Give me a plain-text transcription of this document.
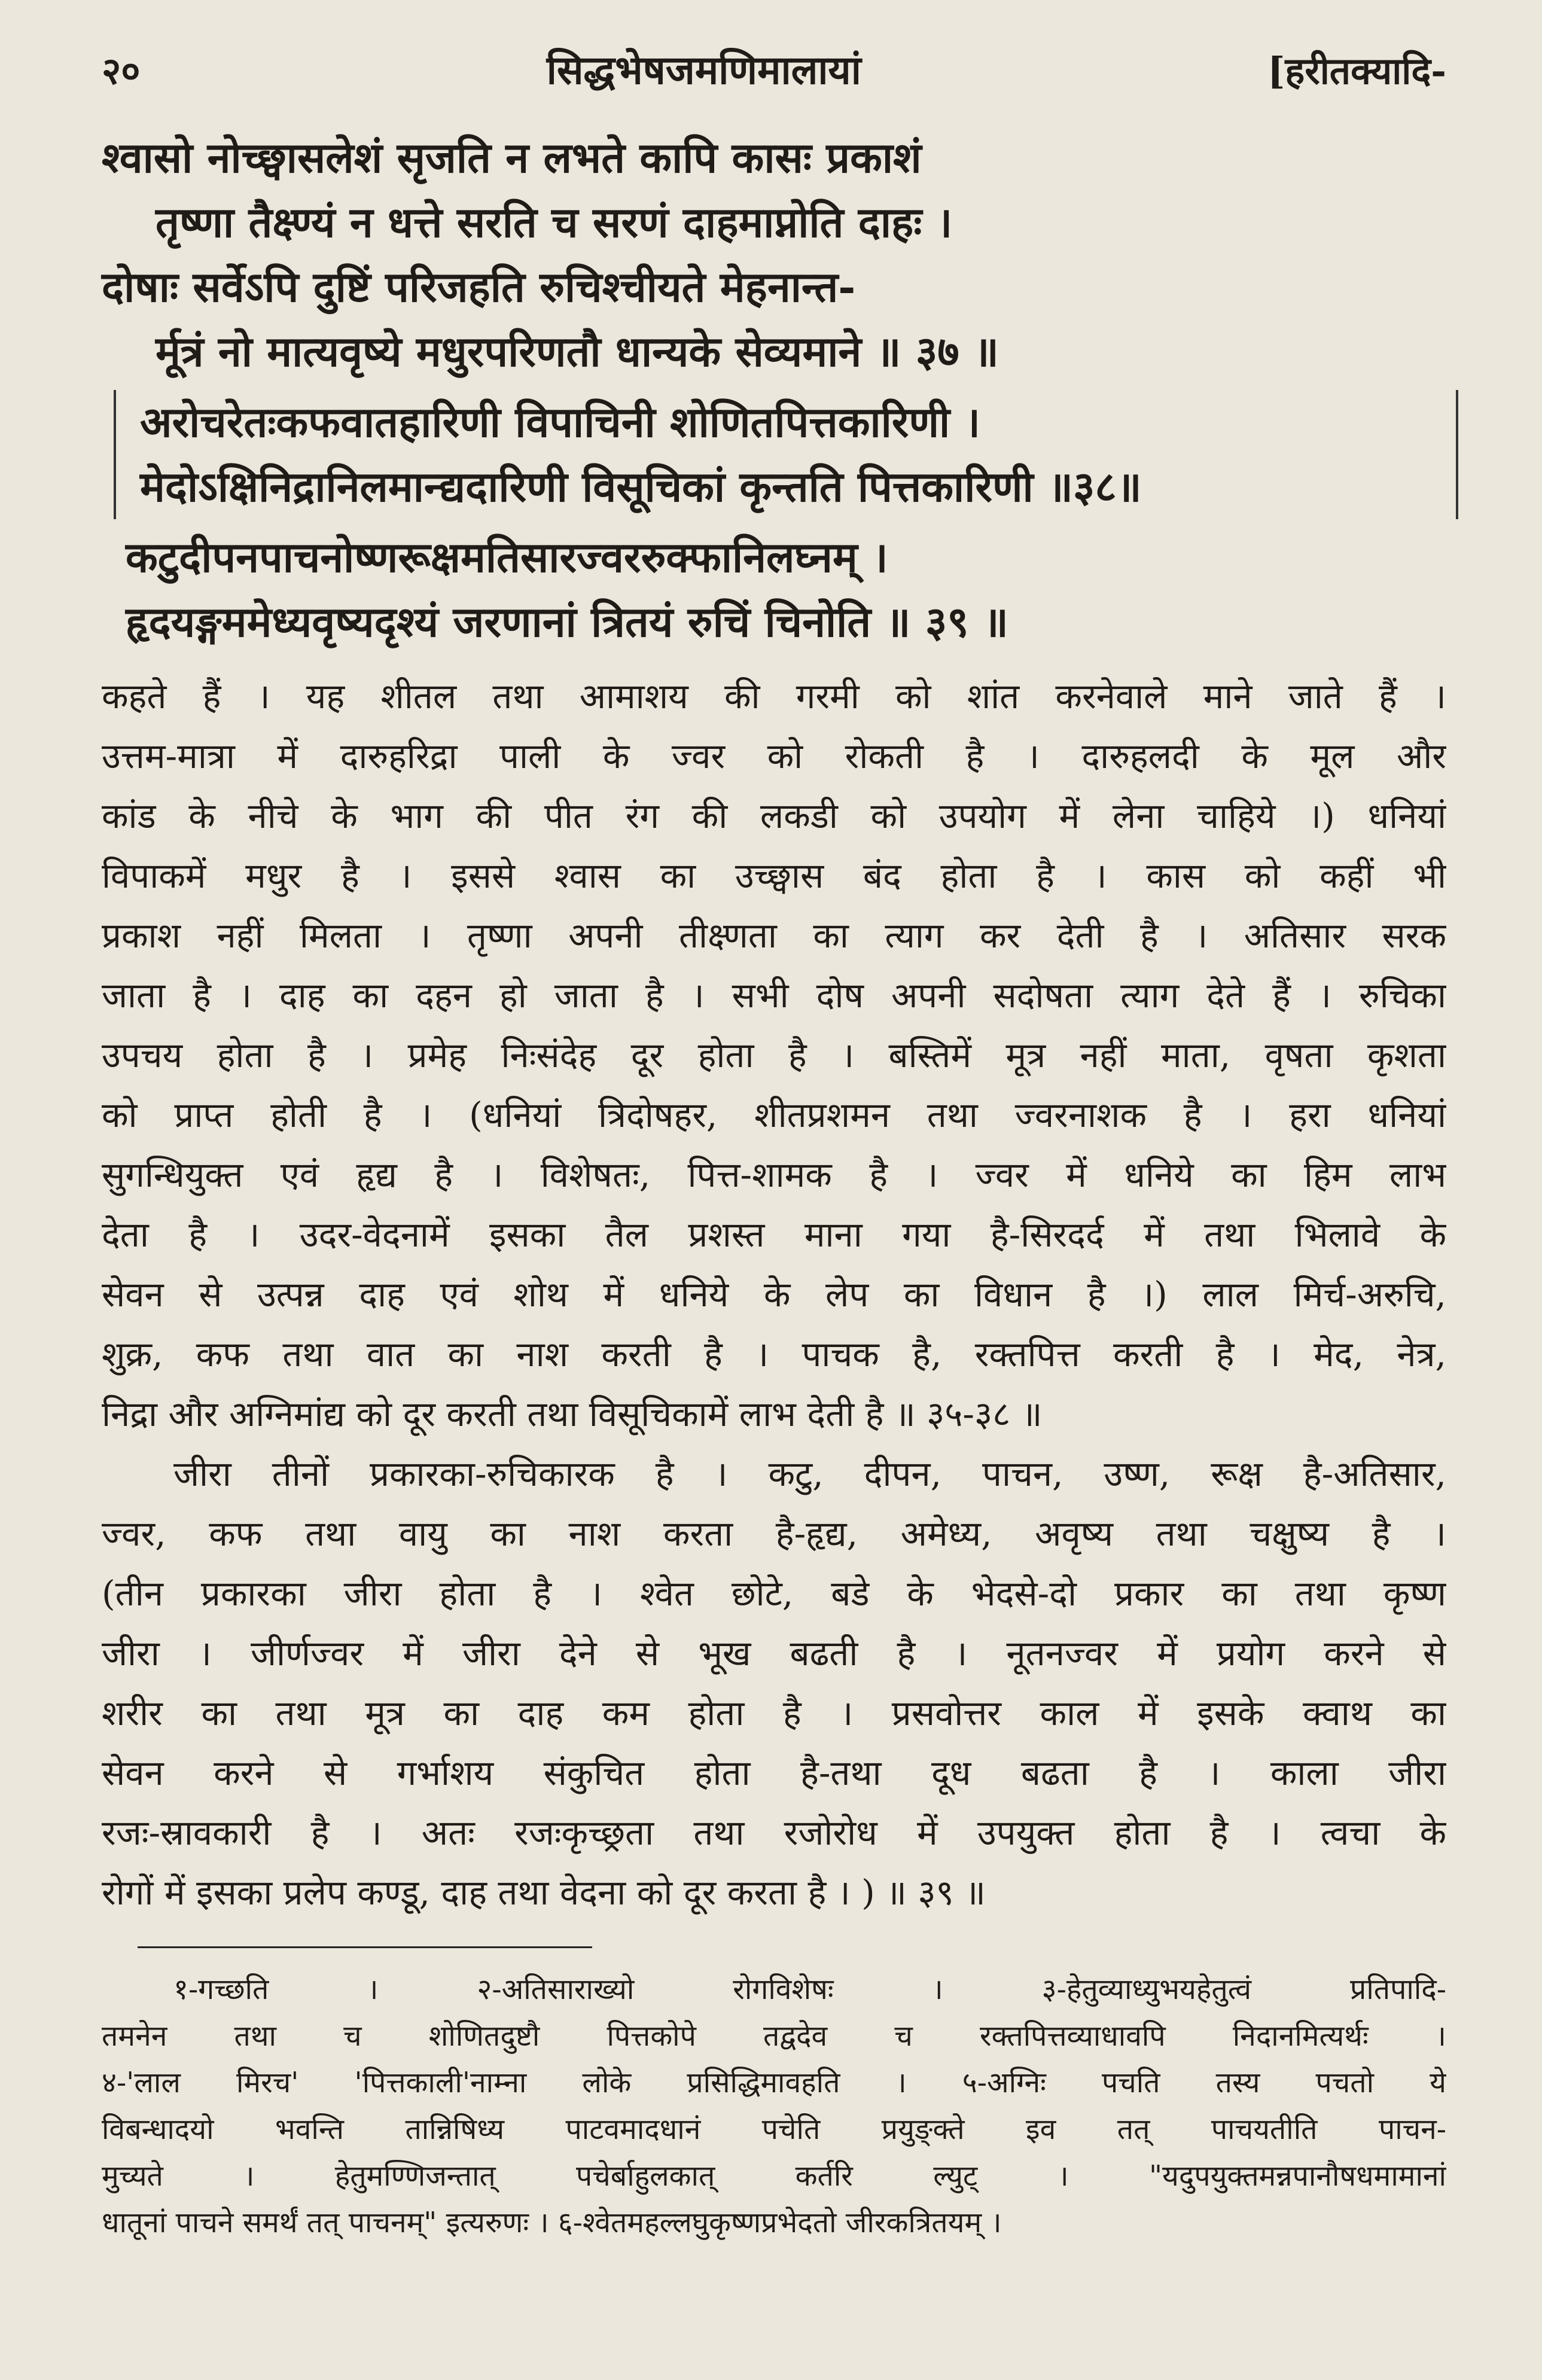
२०	सिद्धभेषजमणिमालायां	[हरीतक्यादि-
श्वासो नोच्छ्वासलेशं सृजति न लभते कापि कासः प्रकाशं
तृष्णा तैक्ष्ण्यं न धत्ते सरति च सरणं दाहमाप्नोति दाहः ।
दोषाः सर्वेऽपि दुष्टिं परिजहति रुचिश्चीयते मेहनान्त-
र्मूत्रं नो मात्यवृष्ये मधुरपरिणतौ धान्यके सेव्यमाने ॥ ३७ ॥
अरोचरेतःकफवातहारिणी विपाचिनी शोणितपित्तकारिणी ।
मेदोऽक्षिनिद्रानिलमान्द्यदारिणी विसूचिकां कृन्तति पित्तकारिणी ॥३८॥
कटुदीपनपाचनोष्णरूक्षमतिसारज्वररुक्फानिलघ्नम् ।
हृदयङ्गममेध्यवृष्यदृश्यं जरणानां त्रितयं रुचिं चिनोति ॥ ३९ ॥
कहते हैं । यह शीतल तथा आमाशय की गरमी को शांत करनेवाले माने जाते हैं ।
उत्तम-मात्रा में दारुहरिद्रा पाली के ज्वर को रोकती है । दारुहलदी के मूल और
कांड के नीचे के भाग की पीत रंग की लकडी को उपयोग में लेना चाहिये ।) धनियां
विपाकमें मधुर है । इससे श्वास का उच्छ्वास बंद होता है । कास को कहीं भी
प्रकाश नहीं मिलता । तृष्णा अपनी तीक्ष्णता का त्याग कर देती है । अतिसार सरक
जाता है । दाह का दहन हो जाता है । सभी दोष अपनी सदोषता त्याग देते हैं । रुचिका
उपचय होता है । प्रमेह निःसंदेह दूर होता है । बस्तिमें मूत्र नहीं माता, वृषता कृशता
को प्राप्त होती है । (धनियां त्रिदोषहर, शीतप्रशमन तथा ज्वरनाशक है । हरा धनियां
सुगन्धियुक्त एवं हृद्य है । विशेषतः, पित्त-शामक है । ज्वर में धनिये का हिम लाभ
देता है । उदर-वेदनामें इसका तैल प्रशस्त माना गया है-सिरदर्द में तथा भिलावे के
सेवन से उत्पन्न दाह एवं शोथ में धनिये के लेप का विधान है ।) लाल मिर्च-अरुचि,
शुक्र, कफ तथा वात का नाश करती है । पाचक है, रक्तपित्त करती है । मेद, नेत्र,
निद्रा और अग्निमांद्य को दूर करती तथा विसूचिकामें लाभ देती है ॥ ३५-३८ ॥
जीरा तीनों प्रकारका-रुचिकारक है । कटु, दीपन, पाचन, उष्ण, रूक्ष है-अतिसार,
ज्वर, कफ तथा वायु का नाश करता है-हृद्य, अमेध्य, अवृष्य तथा चक्षुष्य है ।
(तीन प्रकारका जीरा होता है । श्वेत छोटे, बडे के भेदसे-दो प्रकार का तथा कृष्ण
जीरा । जीर्णज्वर में जीरा देने से भूख बढती है । नूतनज्वर में प्रयोग करने से
शरीर का तथा मूत्र का दाह कम होता है । प्रसवोत्तर काल में इसके क्वाथ का
सेवन करने से गर्भाशय संकुचित होता है-तथा दूध बढता है । काला जीरा
रजः-स्रावकारी है । अतः रजःकृच्छ्रता तथा रजोरोध में उपयुक्त होता है । त्वचा के
रोगों में इसका प्रलेप कण्डू, दाह तथा वेदना को दूर करता है । ) ॥ ३९ ॥
१-गच्छति । २-अतिसाराख्यो रोगविशेषः । ३-हेतुव्याध्युभयहेतुत्वं प्रतिपादि-
तमनेन तथा च शोणितदुष्टौ पित्तकोपे तद्वदेव च रक्तपित्तव्याधावपि निदानमित्यर्थः ।
४-'लाल मिरच' 'पित्तकाली'नाम्ना लोके प्रसिद्धिमावहति । ५-अग्निः पचति तस्य पचतो ये
विबन्धादयो भवन्ति तान्निषिध्य पाटवमादधानं पचेति प्रयुङ्क्ते इव तत् पाचयतीति पाचन-
मुच्यते । हेतुमण्णिजन्तात् पचेर्बाहुलकात् कर्तरि ल्युट् । "यदुपयुक्तमन्नपानौषधमामानां
धातूनां पाचने समर्थं तत् पाचनम्" इत्यरुणः । ६-श्वेतमहल्लघुकृष्णप्रभेदतो जीरकत्रितयम् ।
